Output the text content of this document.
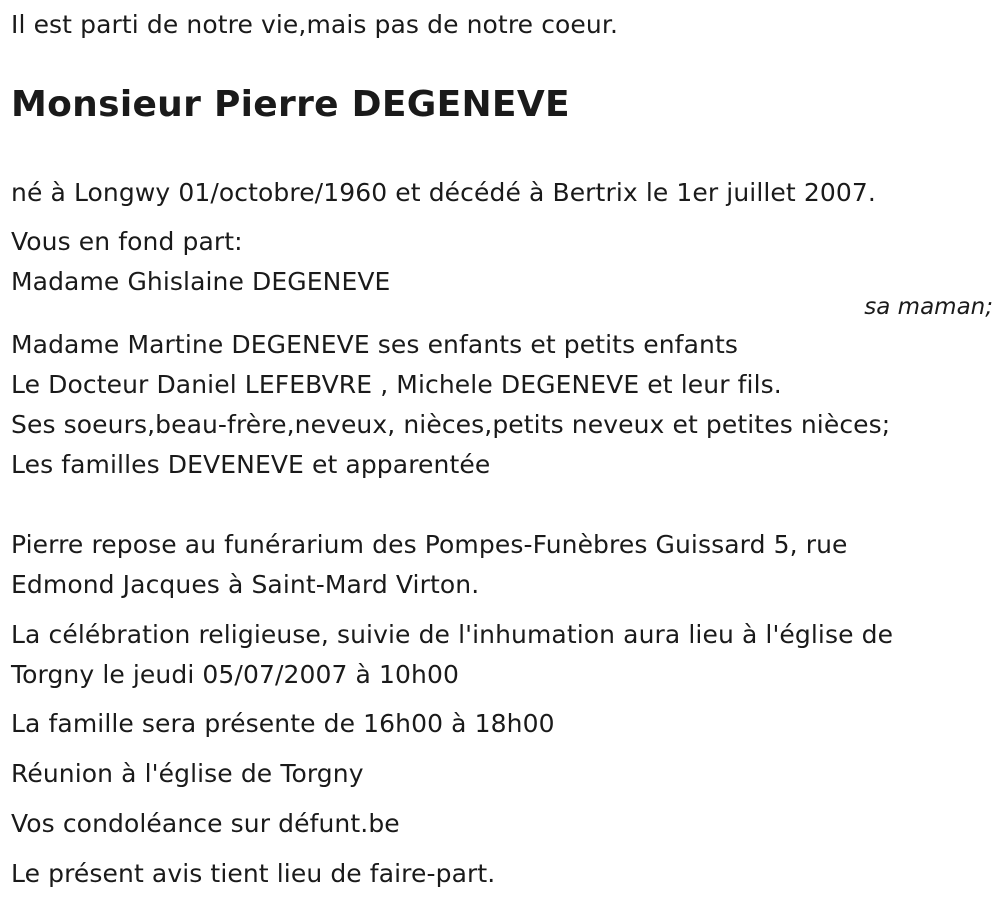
Il est parti de notre vie,mais pas de notre coeur.
Monsieur Pierre DEGENEVE
né à Longwy 01/octobre/1960 et décédé à Bertrix le 1er juillet 2007.
Vous en fond part:
Madame Ghislaine DEGENEVE
sa maman;
Madame Martine DEGENEVE ses enfants et petits enfants
Le Docteur Daniel LEFEBVRE , Michele DEGENEVE et leur fils.
Ses soeurs,beau-frère,neveux, nièces,petits neveux et petites nièces;
Les familles DEVENEVE et apparentée
Pierre repose au funérarium des Pompes-Funèbres Guissard 5, rue
Edmond Jacques à Saint-Mard Virton.
La célébration religieuse, suivie de l'inhumation aura lieu à l'église de
Torgny le jeudi 05/07/2007 à 10h00
La famille sera présente de 16h00 à 18h00
Réunion à l'église de Torgny
Vos condoléance sur défunt.be
Le présent avis tient lieu de faire-part.
